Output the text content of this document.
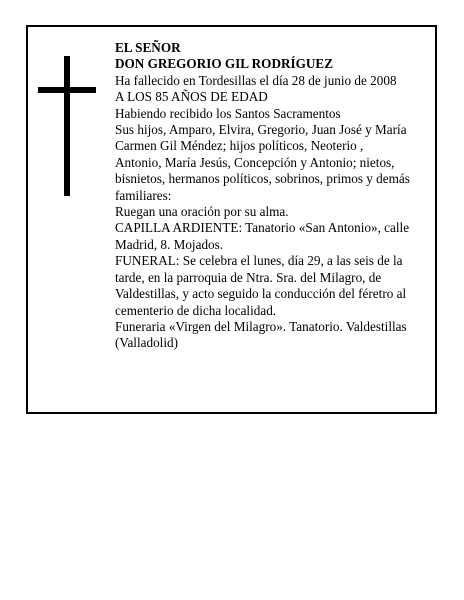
EL SEÑOR
DON GREGORIO GIL RODRÍGUEZ
Ha fallecido en Tordesillas el día 28 de junio de 2008
A LOS 85 AÑOS DE EDAD
Habiendo recibido los Santos Sacramentos
Sus hijos, Amparo, Elvira, Gregorio, Juan José y María
Carmen Gil Méndez; hijos políticos, Neoterio ,
Antonio, María Jesús, Concepción y Antonio; nietos,
bisnietos, hermanos políticos, sobrinos, primos y demás
familiares:
Ruegan una oración por su alma.
CAPILLA ARDIENTE: Tanatorio «San Antonio», calle
Madrid, 8. Mojados.
FUNERAL: Se celebra el lunes, día 29, a las seis de la
tarde, en la parroquia de Ntra. Sra. del Milagro, de
Valdestillas, y acto seguido la conducción del féretro al
cementerio de dicha localidad.
Funeraria «Virgen del Milagro». Tanatorio. Valdestillas
(Valladolid)
